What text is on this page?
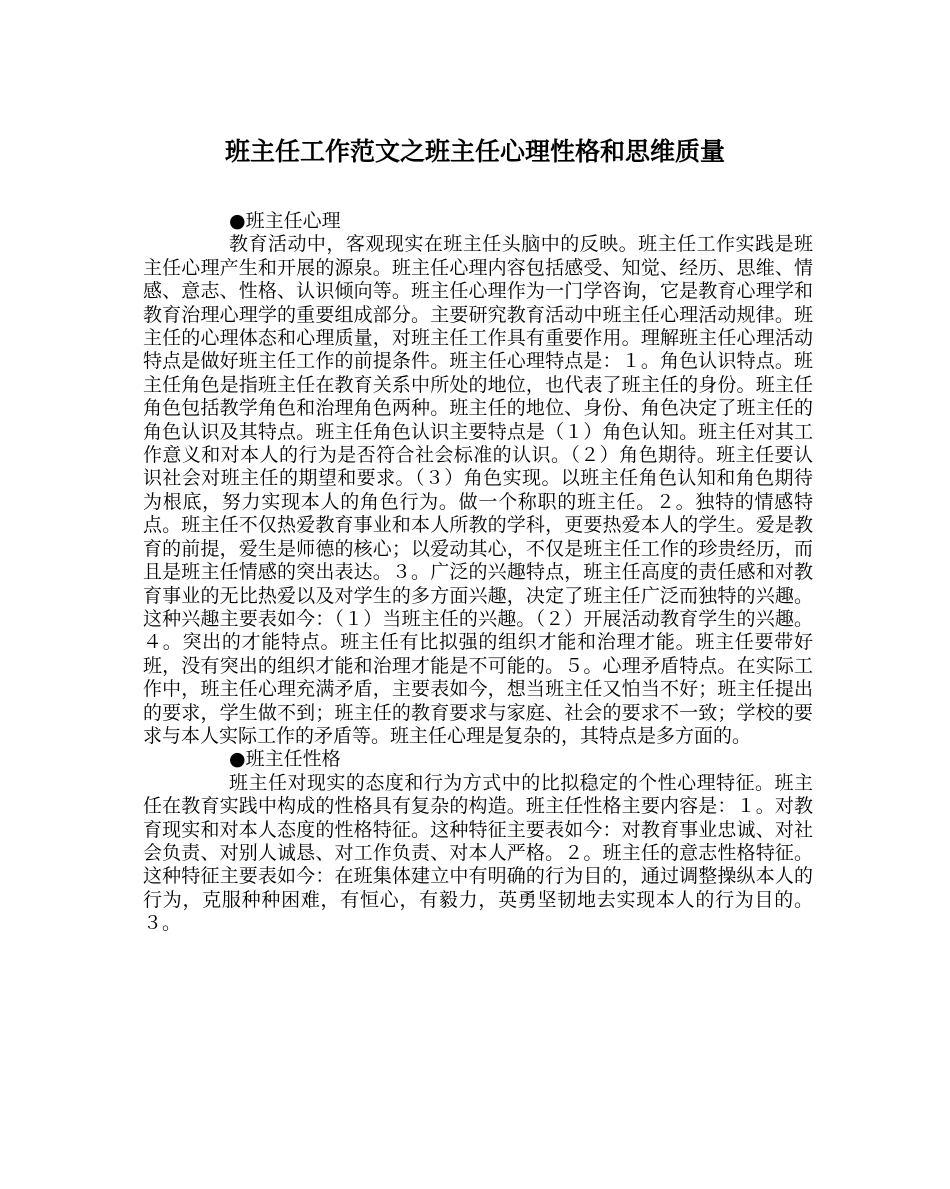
班主任工作范文之班主任心理性格和思维质量

●班主任心理

教育活动中，客观现实在班主任头脑中的反映。班主任工作实践是班主任心理产生和开展的源泉。班主任心理内容包括感受、知觉、经历、思维、情感、意志、性格、认识倾向等。班主任心理作为一门学咨询，它是教育心理学和教育治理心理学的重要组成部分。主要研究教育活动中班主任心理活动规律。班主任的心理体态和心理质量，对班主任工作具有重要作用。理解班主任心理活动特点是做好班主任工作的前提条件。班主任心理特点是：１。角色认识特点。班主任角色是指班主任在教育关系中所处的地位，也代表了班主任的身份。班主任角色包括教学角色和治理角色两种。班主任的地位、身份、角色决定了班主任的角色认识及其特点。班主任角色认识主要特点是（１）角色认知。班主任对其工作意义和对本人的行为是否符合社会标准的认识。（２）角色期待。班主任要认识社会对班主任的期望和要求。（３）角色实现。以班主任角色认知和角色期待为根底，努力实现本人的角色行为。做一个称职的班主任。２。独特的情感特点。班主任不仅热爱教育事业和本人所教的学科，更要热爱本人的学生。爱是教育的前提，爱生是师德的核心；以爱动其心，不仅是班主任工作的珍贵经历，而且是班主任情感的突出表达。３。广泛的兴趣特点，班主任高度的责任感和对教育事业的无比热爱以及对学生的多方面兴趣，决定了班主任广泛而独特的兴趣。这种兴趣主要表如今：（１）当班主任的兴趣。（２）开展活动教育学生的兴趣。４。突出的才能特点。班主任有比拟强的组织才能和治理才能。班主任要带好班，没有突出的组织才能和治理才能是不可能的。５。心理矛盾特点。在实际工作中，班主任心理充满矛盾，主要表如今，想当班主任又怕当不好；班主任提出的要求，学生做不到；班主任的教育要求与家庭、社会的要求不一致；学校的要求与本人实际工作的矛盾等。班主任心理是复杂的，其特点是多方面的。

●班主任性格

班主任对现实的态度和行为方式中的比拟稳定的个性心理特征。班主任在教育实践中构成的性格具有复杂的构造。班主任性格主要内容是：１。对教育现实和对本人态度的性格特征。这种特征主要表如今：对教育事业忠诚、对社会负责、对别人诚恳、对工作负责、对本人严格。２。班主任的意志性格特征。这种特征主要表如今：在班集体建立中有明确的行为目的，通过调整操纵本人的行为，克服种种困难，有恒心，有毅力，英勇坚韧地去实现本人的行为目的。３。
